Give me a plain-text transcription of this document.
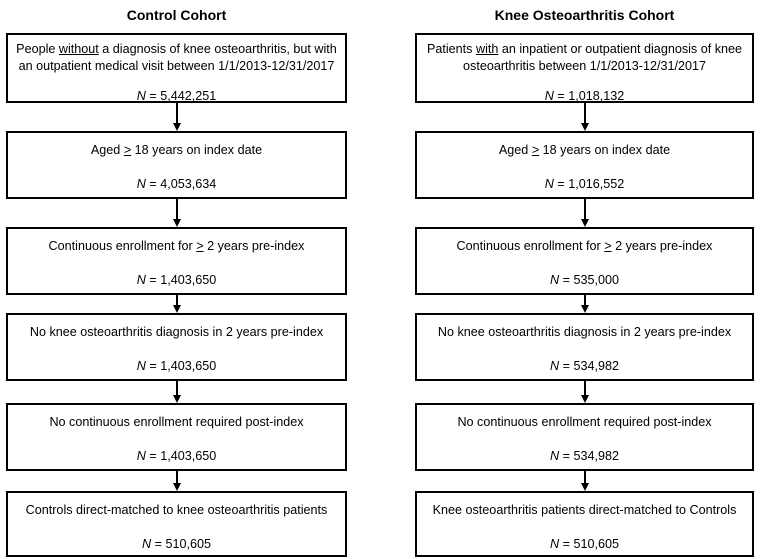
Control Cohort	Knee Osteoarthritis Cohort
People without a diagnosis of knee osteoarthritis, but with
an outpatient medical visit between 1/1/2013-12/31/2017
N = 5,442,251
Aged > 18 years on index date
N = 4,053,634
Continuous enrollment for > 2 years pre-index
N = 1,403,650
No knee osteoarthritis diagnosis in 2 years pre-index
N = 1,403,650
No continuous enrollment required post-index
N = 1,403,650
Controls direct-matched to knee osteoarthritis patients
N = 510,605
Patients with an inpatient or outpatient diagnosis of knee
osteoarthritis between 1/1/2013-12/31/2017
N = 1,018,132
Aged > 18 years on index date
N = 1,016,552
Continuous enrollment for > 2 years pre-index
N = 535,000
No knee osteoarthritis diagnosis in 2 years pre-index
N = 534,982
No continuous enrollment required post-index
N = 534,982
Knee osteoarthritis patients direct-matched to Controls
N = 510,605
